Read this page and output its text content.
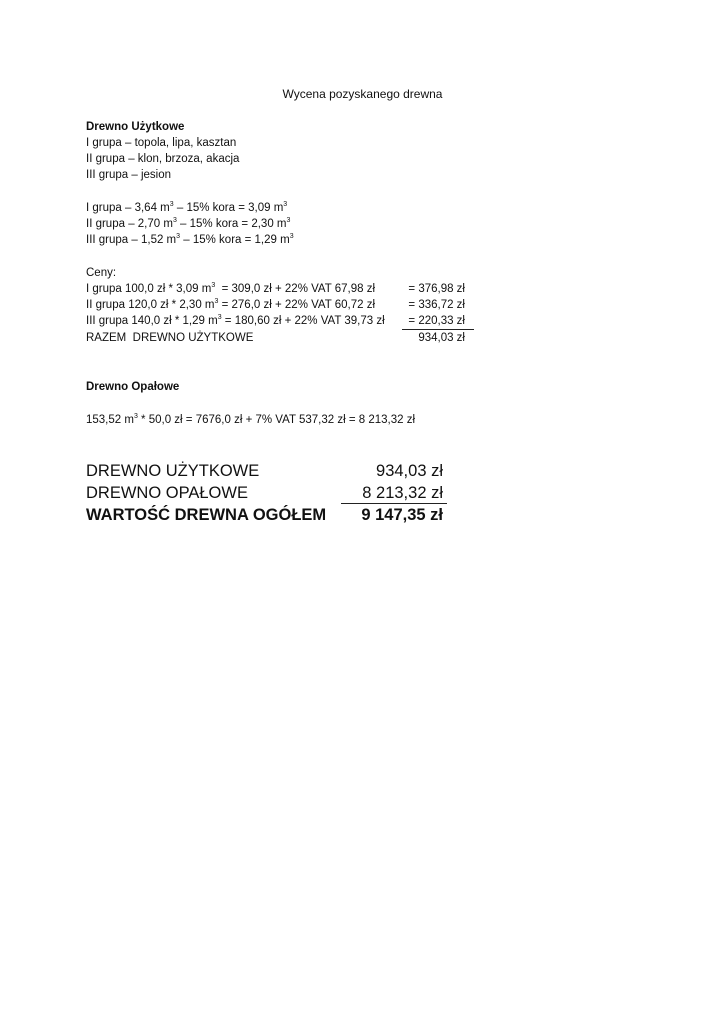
Wycena pozyskanego drewna
Drewno Użytkowe
I grupa – topola, lipa, kasztan
II grupa – klon, brzoza, akacja
III grupa – jesion
I grupa – 3,64 $m^3 - 15\%$ kora = 3,09 $m^3$
II grupa – 2,70 $m^3 - 15\%$ kora = 2,30 $m^3$
III grupa – 1,52 $m^3 - 15\%$ kora = 1,29 $m^3$
Ceny:
I grupa 100,0 zł * 3,09 $m^3 = 309,0$ zł + 22% VAT 67,98 zł	= 376,98 zł
II grupa 120,0 zł * 2,30 $m^3 = 276,0$ zł + 22% VAT 60,72 zł	= 336,72 zł
III grupa 140,0 zł * 1,29 $m^3 = 180,60$ zł + 22% VAT 39,73 zł = 220,33 zł
RAZEM  DREWNO UŻYTKOWE	934,03 zł
Drewno Opałowe
153,52 $m^3 * 50,0$ zł = 7676,0 zł + 7% VAT 537,32 zł = 8 213,32 zł
DREWNO UŻYTKOWE	934,03 zł
DREWNO OPAŁOWE	8 213,32 zł
WARTOŚĆ DREWNA OGÓŁEM	9 147,35 zł
